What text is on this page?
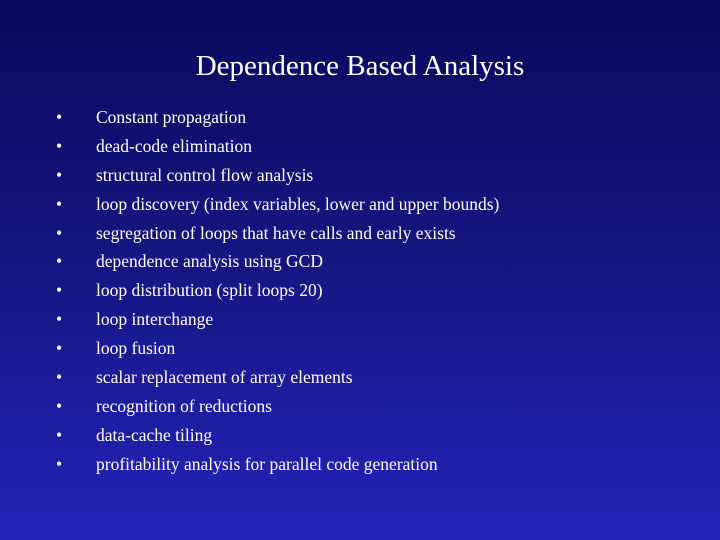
Dependence Based Analysis
•	Constant propagation
•	dead-code elimination
•	structural control flow analysis
•	loop discovery (index variables, lower and upper bounds)
•	segregation of loops that have calls and early exists
•	dependence analysis using GCD
•	loop distribution (split loops 20)
•	loop interchange
•	loop fusion
•	scalar replacement of array elements
•	recognition of reductions
•	data-cache tiling
•	profitability analysis for parallel code generation
